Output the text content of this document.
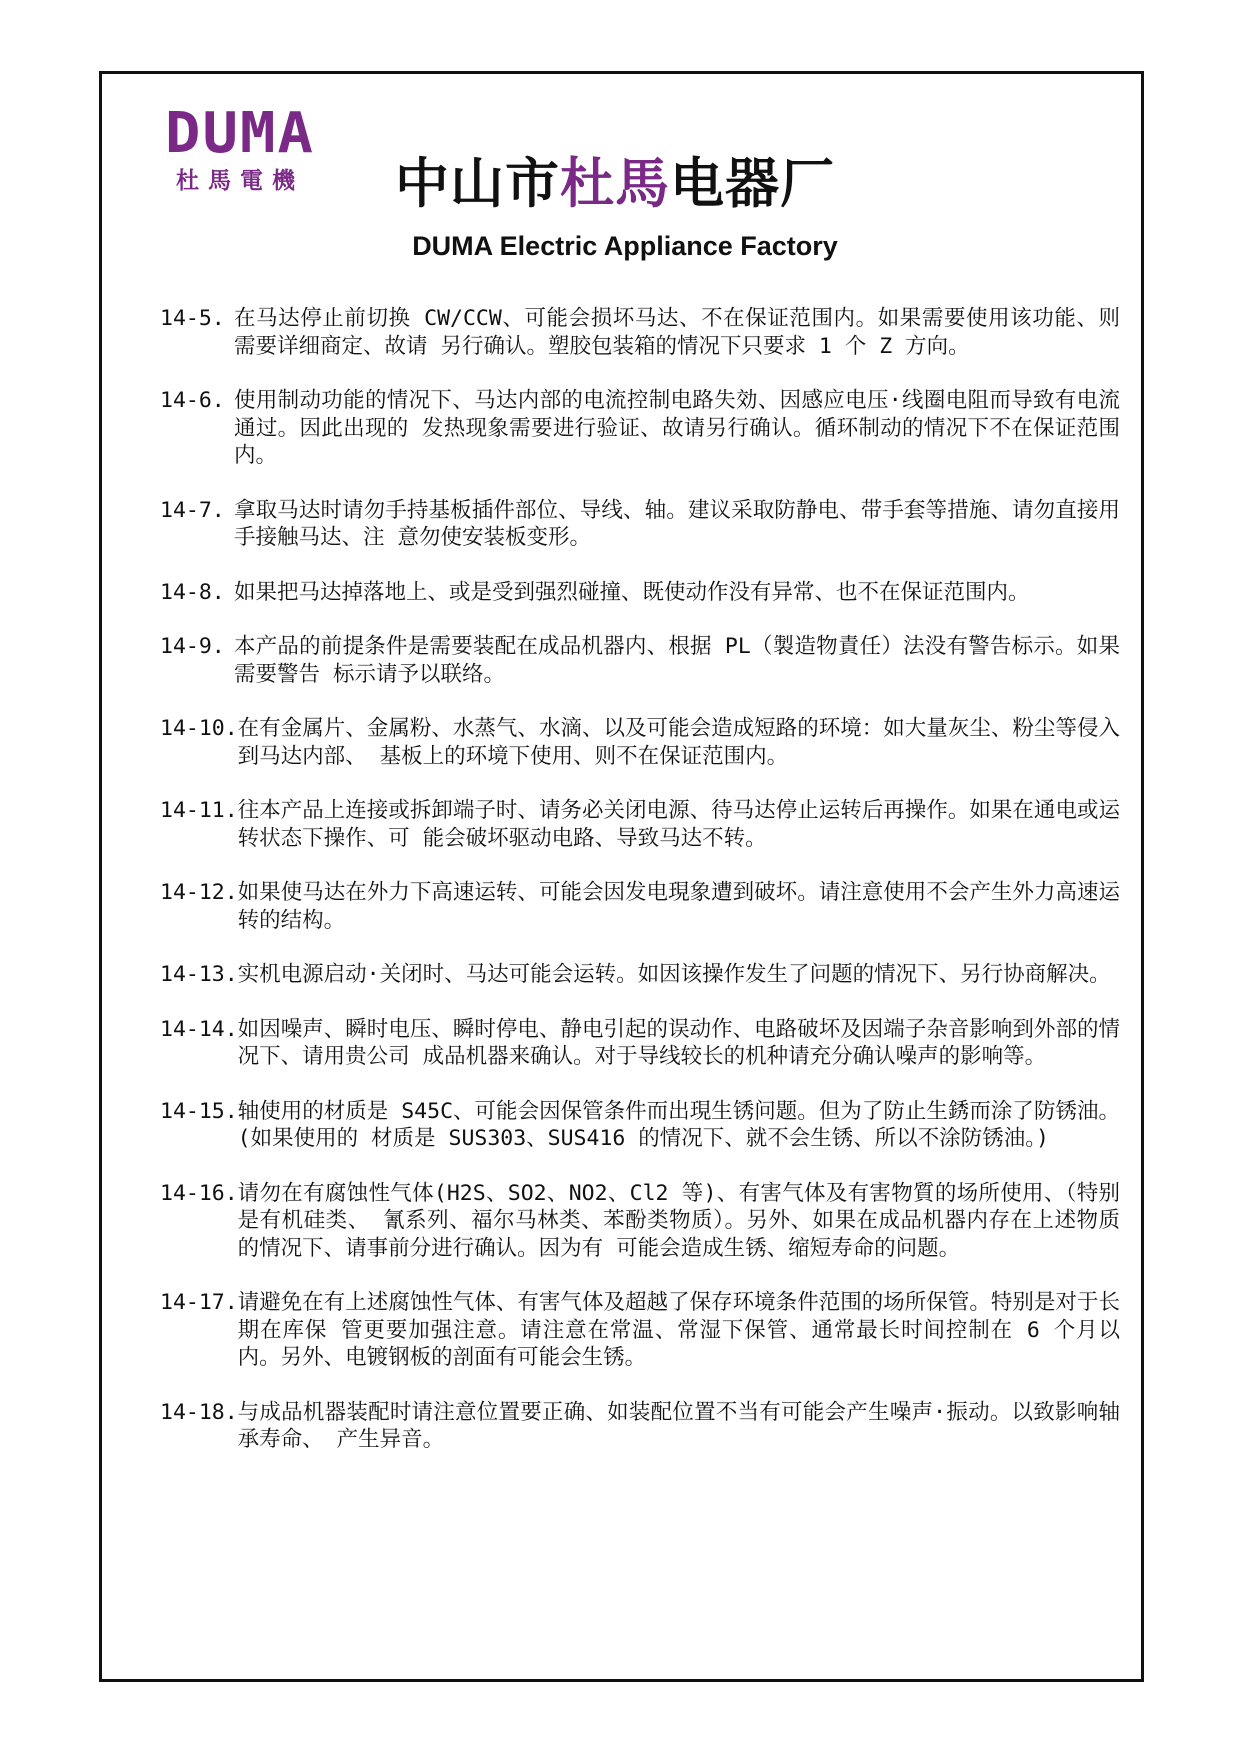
DUMA
杜馬電機	中山市杜馬电器厂
DUMA Electric Appliance Factory
14-5. 在马达停止前切换 CW/CCW、可能会损坏马达、不在保证范围内。如果需要使用该功能、则需要详细商定、故请 另行确认。塑胶包装箱的情况下只要求 1 个 Z 方向。
14-6. 使用制动功能的情况下、马达内部的电流控制电路失効、因感应电压·线圈电阻而导致有电流通过。因此出现的 发热现象需要进行验证、故请另行确认。循环制动的情况下不在保证范围内。
14-7. 拿取马达时请勿手持基板插件部位、导线、轴。建议采取防静电、带手套等措施、请勿直接用手接触马达、注 意勿使安装板变形。
14-8. 如果把马达掉落地上、或是受到强烈碰撞、既使动作没有异常、也不在保证范围内。
14-9. 本产品的前提条件是需要装配在成品机器内、根据 PL（製造物責任）法没有警告标示。如果需要警告 标示请予以联络。
14-10. 在有金属片、金属粉、水蒸气、水滴、以及可能会造成短路的环境：如大量灰尘、粉尘等侵入到马达内部、 基板上的环境下使用、则不在保证范围内。
14-11. 往本产品上连接或拆卸端子时、请务必关闭电源、待马达停止运转后再操作。如果在通电或运转状态下操作、可 能会破坏驱动电路、导致马达不转。
14-12. 如果使马达在外力下高速运转、可能会因发电現象遭到破坏。请注意使用不会产生外力高速运转的结构。
14-13. 实机电源启动·关闭时、马达可能会运转。如因该操作发生了问题的情况下、另行协商解决。
14-14. 如因噪声、瞬时电压、瞬时停电、静电引起的误动作、电路破坏及因端子杂音影响到外部的情况下、请用贵公司 成品机器来确认。对于导线较长的机种请充分确认噪声的影响等。
14-15. 轴使用的材质是 S45C、可能会因保管条件而出現生锈问题。但为了防止生銹而涂了防锈油。(如果使用的 材质是 SUS303、SUS416 的情况下、就不会生锈、所以不涂防锈油。)
14-16. 请勿在有腐蚀性气体(H2S、SO2、NO2、Cl2 等)、有害气体及有害物質的场所使用、（特别是有机硅类、 氰系列、福尔马林类、苯酚类物质）。另外、如果在成品机器内存在上述物质的情况下、请事前分进行确认。因为有 可能会造成生锈、缩短寿命的问题。
14-17. 请避免在有上述腐蚀性气体、有害气体及超越了保存环境条件范围的场所保管。特别是对于长期在库保 管更要加强注意。请注意在常温、常湿下保管、通常最长时间控制在 6 个月以内。另外、电镀钢板的剖面有可能会生锈。
14-18. 与成品机器装配时请注意位置要正确、如装配位置不当有可能会产生噪声·振动。以致影响轴承寿命、 产生异音。
